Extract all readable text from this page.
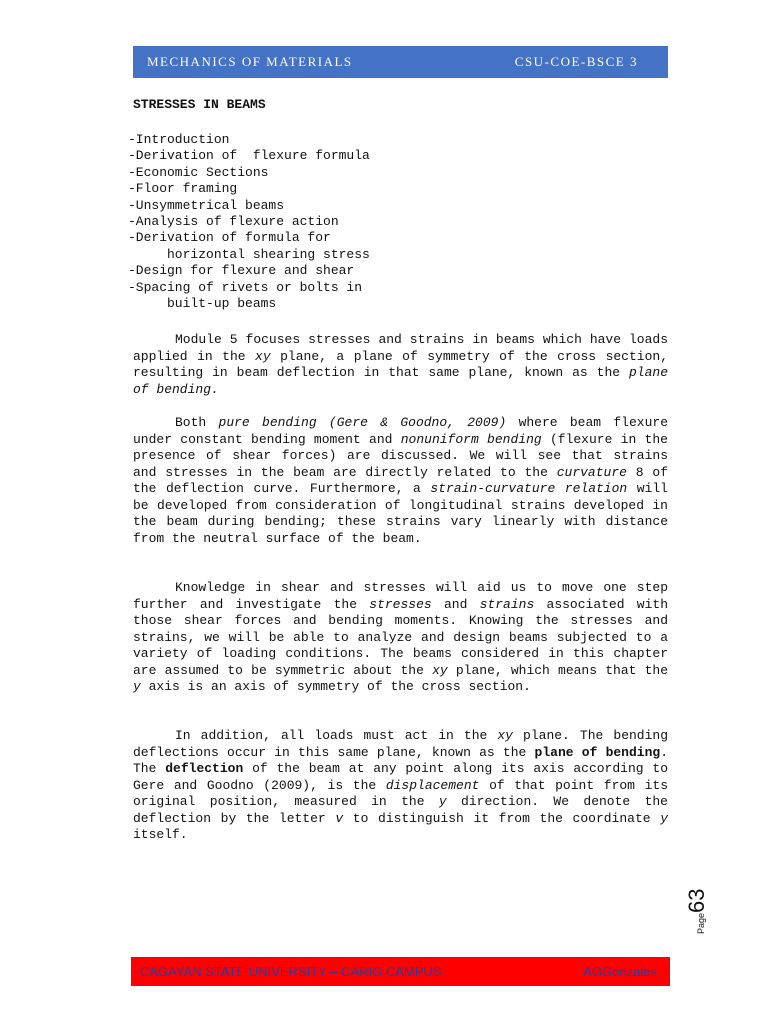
MECHANICS OF MATERIALS	CSU-COE-BSCE 3
STRESSES IN BEAMS
-Introduction
-Derivation of  flexure formula
-Economic Sections
-Floor framing
-Unsymmetrical beams
-Analysis of flexure action
-Derivation of formula for
horizontal shearing stress
-Design for flexure and shear
-Spacing of rivets or bolts in
built-up beams

Module 5 focuses stresses and strains in beams which have loads applied in the xy plane, a plane of symmetry of the cross section, resulting in beam deflection in that same plane, known as the plane of bending.

Both pure bending (Gere & Goodno, 2009) where beam flexure under constant bending moment and nonuniform bending (flexure in the presence of shear forces) are discussed. We will see that strains and stresses in the beam are directly related to the curvature 8 of the deflection curve. Furthermore, a strain-curvature relation will be developed from consideration of longitudinal strains developed in the beam during bending; these strains vary linearly with distance from the neutral surface of the beam.

Knowledge in shear and stresses will aid us to move one step further and investigate the stresses and strains associated with those shear forces and bending moments. Knowing the stresses and strains, we will be able to analyze and design beams subjected to a variety of loading conditions. The beams considered in this chapter are assumed to be symmetric about the xy plane, which means that the y axis is an axis of symmetry of the cross section.

In addition, all loads must act in the xy plane. The bending deflections occur in this same plane, known as the plane of bending. The deflection of the beam at any point along its axis according to Gere and Goodno (2009), is the displacement of that point from its original position, measured in the y direction. We denote the deflection by the letter v to distinguish it from the coordinate y itself.

Page63
CAGAYAN STATE UNIVERSITY – CARIG CAMPUS	AGGonzales
